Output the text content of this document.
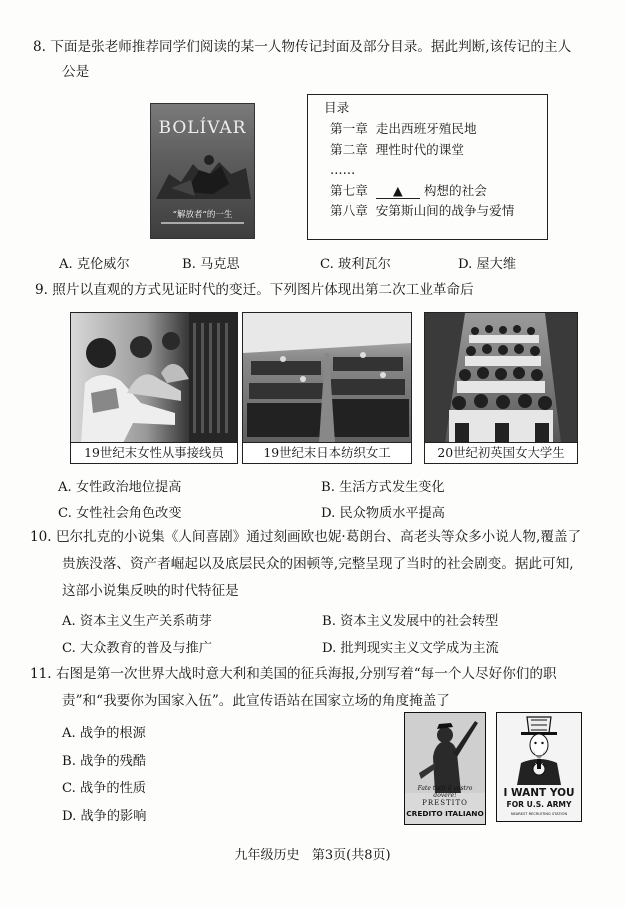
8. 下面是张老师推荐同学们阅读的某一人物传记封面及部分目录。据此判断,该传记的主人
公是
BOLÍVAR
“解放者”的一生
目录
第一章 走出西班牙殖民地
第二章 理性时代的课堂
……
第七章 ▲ 构想的社会
第八章 安第斯山间的战争与爱情
A. 克伦威尔	B. 马克思	C. 玻利瓦尔	D. 屋大维
9. 照片以直观的方式见证时代的变迁。下列图片体现出第二次工业革命后
19世纪末女性从事接线员	19世纪末日本纺织女工	20世纪初英国女大学生
A. 女性政治地位提高	B. 生活方式发生变化
C. 女性社会角色改变	D. 民众物质水平提高
10. 巴尔扎克的小说集《人间喜剧》通过刻画欧也妮·葛朗台、高老头等众多小说人物,覆盖了
贵族没落、资产者崛起以及底层民众的困顿等,完整呈现了当时的社会剧变。据此可知,
这部小说集反映的时代特征是
A. 资本主义生产关系萌芽	B. 资本主义发展中的社会转型
C. 大众教育的普及与推广	D. 批判现实主义文学成为主流
11. 右图是第一次世界大战时意大利和美国的征兵海报,分别写着“每一个人尽好你们的职
责”和“我要你为国家入伍”。此宣传语站在国家立场的角度掩盖了
A. 战争的根源
B. 战争的残酷
C. 战争的性质
D. 战争的影响
Fate tutti il vostro dovere!
PRESTITO
CREDITO ITALIANO
I WANT YOU
FOR U.S. ARMY
NEAREST RECRUITING STATION
九年级历史   第3页(共8页)
